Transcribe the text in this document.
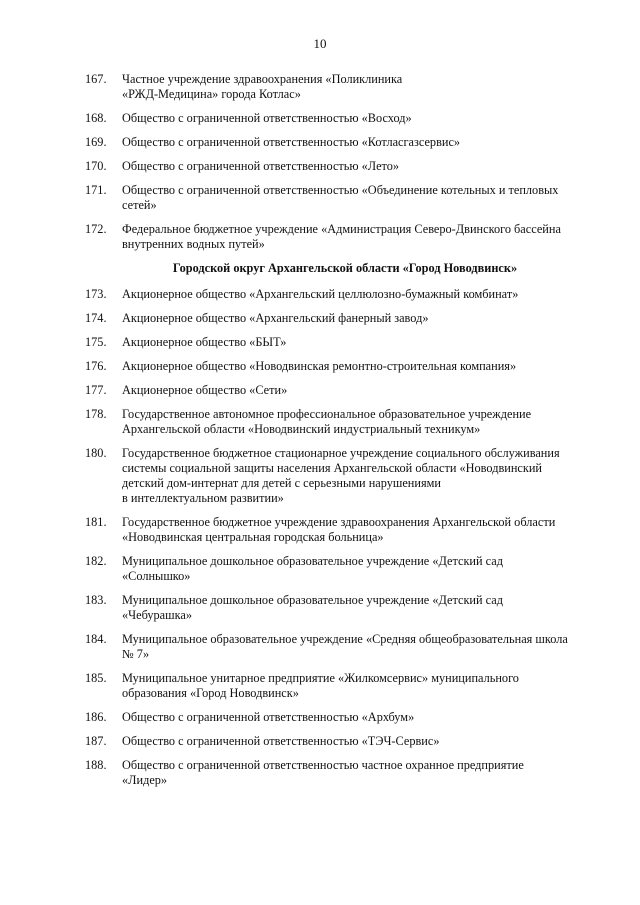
10
167.	Частное учреждение здравоохранения «Поликлиника
«РЖД-Медицина» города Котлас»
168.	Общество с ограниченной ответственностью «Восход»
169.	Общество с ограниченной ответственностью «Котласгазсервис»
170.	Общество с ограниченной ответственностью «Лето»
171.	Общество с ограниченной ответственностью «Объединение котельных и тепловых
сетей»
172.	Федеральное бюджетное учреждение «Администрация Северо-Двинского бассейна
внутренних водных путей»
Городской округ Архангельской области «Город Новодвинск»
173.	Акционерное общество «Архангельский целлюлозно-бумажный комбинат»
174.	Акционерное общество «Архангельский фанерный завод»
175.	Акционерное общество «БЫТ»
176.	Акционерное общество «Новодвинская ремонтно-строительная компания»
177.	Акционерное общество «Сети»
178.	Государственное автономное профессиональное образовательное учреждение
Архангельской области «Новодвинский индустриальный техникум»
180.	Государственное бюджетное стационарное учреждение социального обслуживания
системы социальной защиты населения Архангельской области «Новодвинский
детский дом-интернат для детей с серьезными нарушениями
в интеллектуальном развитии»
181.	Государственное бюджетное учреждение здравоохранения Архангельской области
«Новодвинская центральная городская больница»
182.	Муниципальное дошкольное образовательное учреждение «Детский сад
«Солнышко»
183.	Муниципальное дошкольное образовательное учреждение «Детский сад
«Чебурашка»
184.	Муниципальное образовательное учреждение «Средняя общеобразовательная школа
№ 7»
185.	Муниципальное унитарное предприятие «Жилкомсервис» муниципального
образования «Город Новодвинск»
186.	Общество с ограниченной ответственностью «Архбум»
187.	Общество с ограниченной ответственностью «ТЭЧ-Сервис»
188.	Общество с ограниченной ответственностью частное охранное предприятие
«Лидер»
